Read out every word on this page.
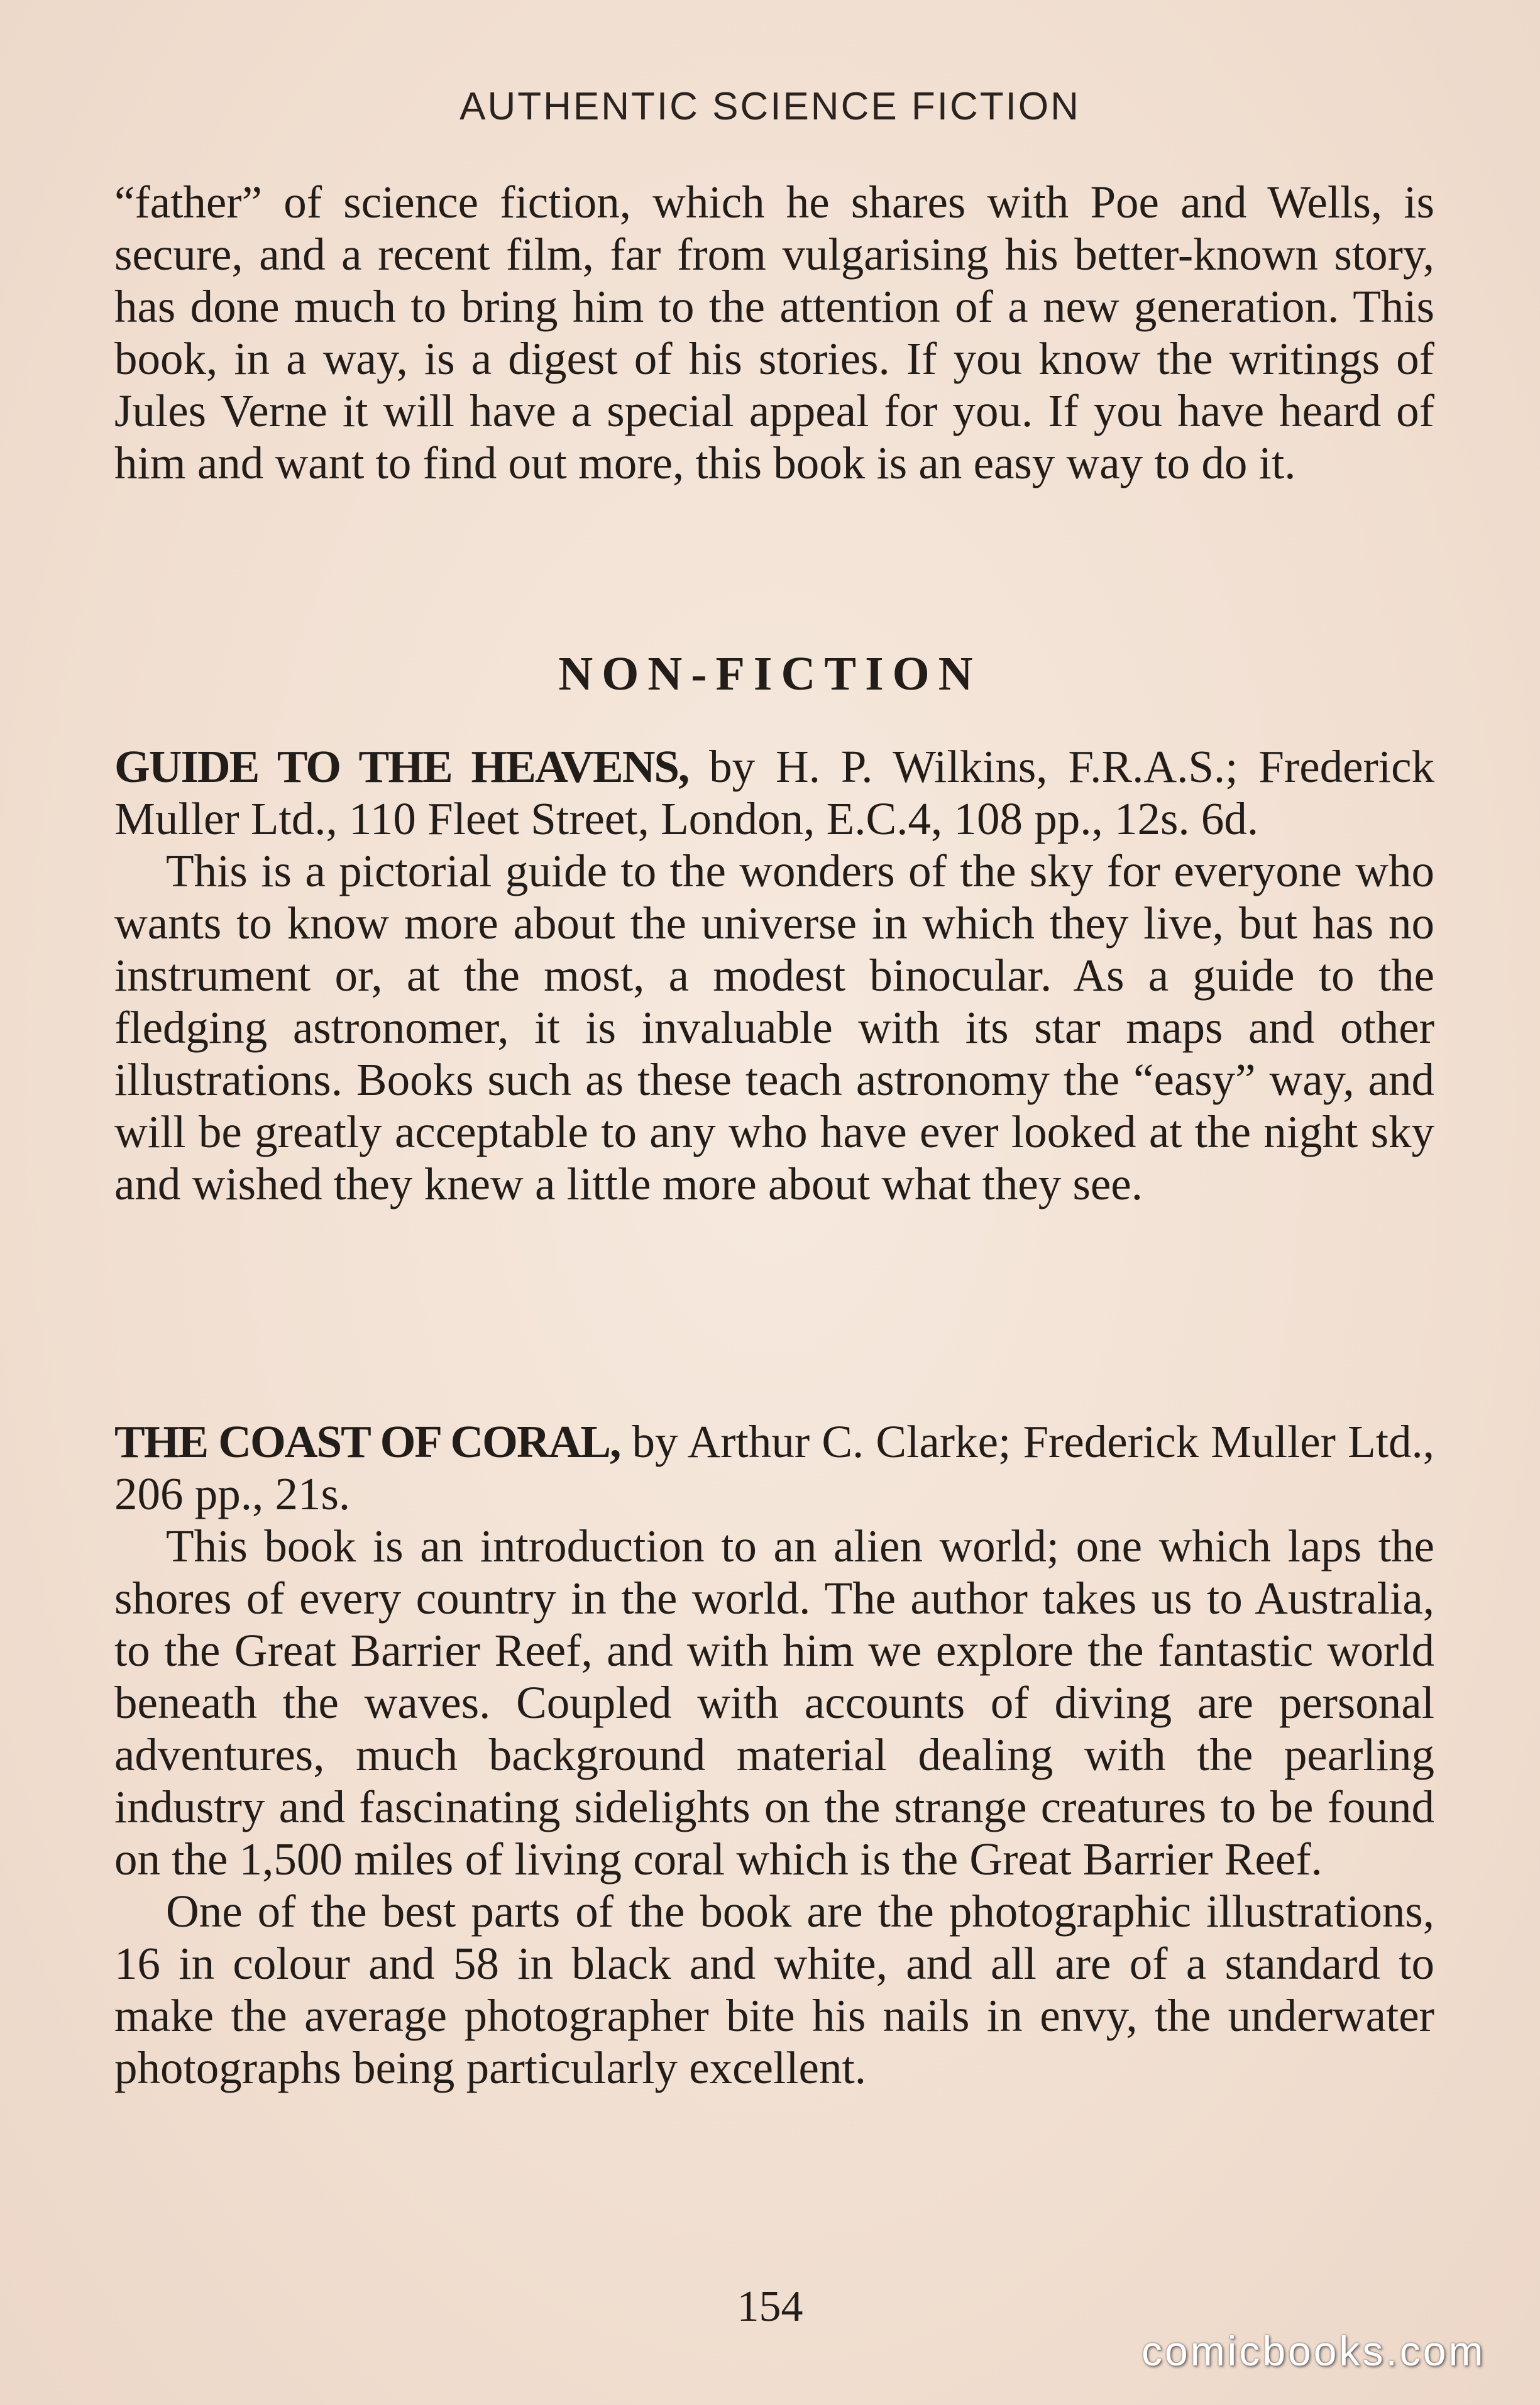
AUTHENTIC SCIENCE FICTION

“father” of science fiction, which he shares with Poe and Wells, is secure, and a recent film, far from vulgarising his better-known story, has done much to bring him to the attention of a new generation. This book, in a way, is a digest of his stories. If you know the writings of Jules Verne it will have a special appeal for you. If you have heard of him and want to find out more, this book is an easy way to do it.

NON-FICTION

GUIDE TO THE HEAVENS, by H. P. Wilkins, F.R.A.S.; Frederick Muller Ltd., 110 Fleet Street, London, E.C.4, 108 pp., 12s. 6d.

This is a pictorial guide to the wonders of the sky for everyone who wants to know more about the universe in which they live, but has no instrument or, at the most, a modest binocular. As a guide to the fledging astronomer, it is invaluable with its star maps and other illustrations. Books such as these teach astronomy the “easy” way, and will be greatly acceptable to any who have ever looked at the night sky and wished they knew a little more about what they see.

THE COAST OF CORAL, by Arthur C. Clarke; Frederick Muller Ltd., 206 pp., 21s.

This book is an introduction to an alien world; one which laps the shores of every country in the world. The author takes us to Australia, to the Great Barrier Reef, and with him we explore the fantastic world beneath the waves. Coupled with accounts of diving are personal adventures, much background material dealing with the pearling industry and fascinating sidelights on the strange creatures to be found on the 1,500 miles of living coral which is the Great Barrier Reef.

One of the best parts of the book are the photographic illustrations, 16 in colour and 58 in black and white, and all are of a standard to make the average photographer bite his nails in envy, the underwater photographs being particularly excellent.

154
comicbooks.com
